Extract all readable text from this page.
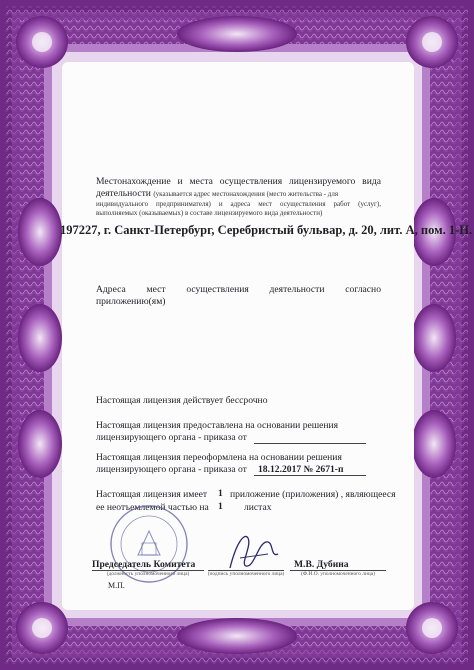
Местонахождение и места осуществления лицензируемого вида

деятельности (указывается адрес местонахождения (место жительства - для

индивидуального предпринимателя) и адреса мест осуществления работ (услуг),

выполняемых (оказываемых) в составе лицензируемого вида деятельности)

197227, г. Санкт-Петербург, Серебристый бульвар, д. 20, лит. А, пом. 1-Н.

Адреса мест осуществления деятельности согласно

приложению(ям)

Настоящая лицензия действует бессрочно

Настоящая лицензия предоставлена на основании решения

лицензирующего органа - приказа от

Настоящая лицензия переоформлена на основании решения

лицензирующего органа - приказа от	18.12.2017 № 2671-п

Настоящая лицензия имеет	1 приложение (приложения) , являющееся

ее неотъемлемой частью на 1	листах

Председатель Комитета

(должность уполномоченного лица)	(подпись уполномоченного лица)

М.В. Дубина

(Ф.И.О. уполномоченного лица)

М.П.
